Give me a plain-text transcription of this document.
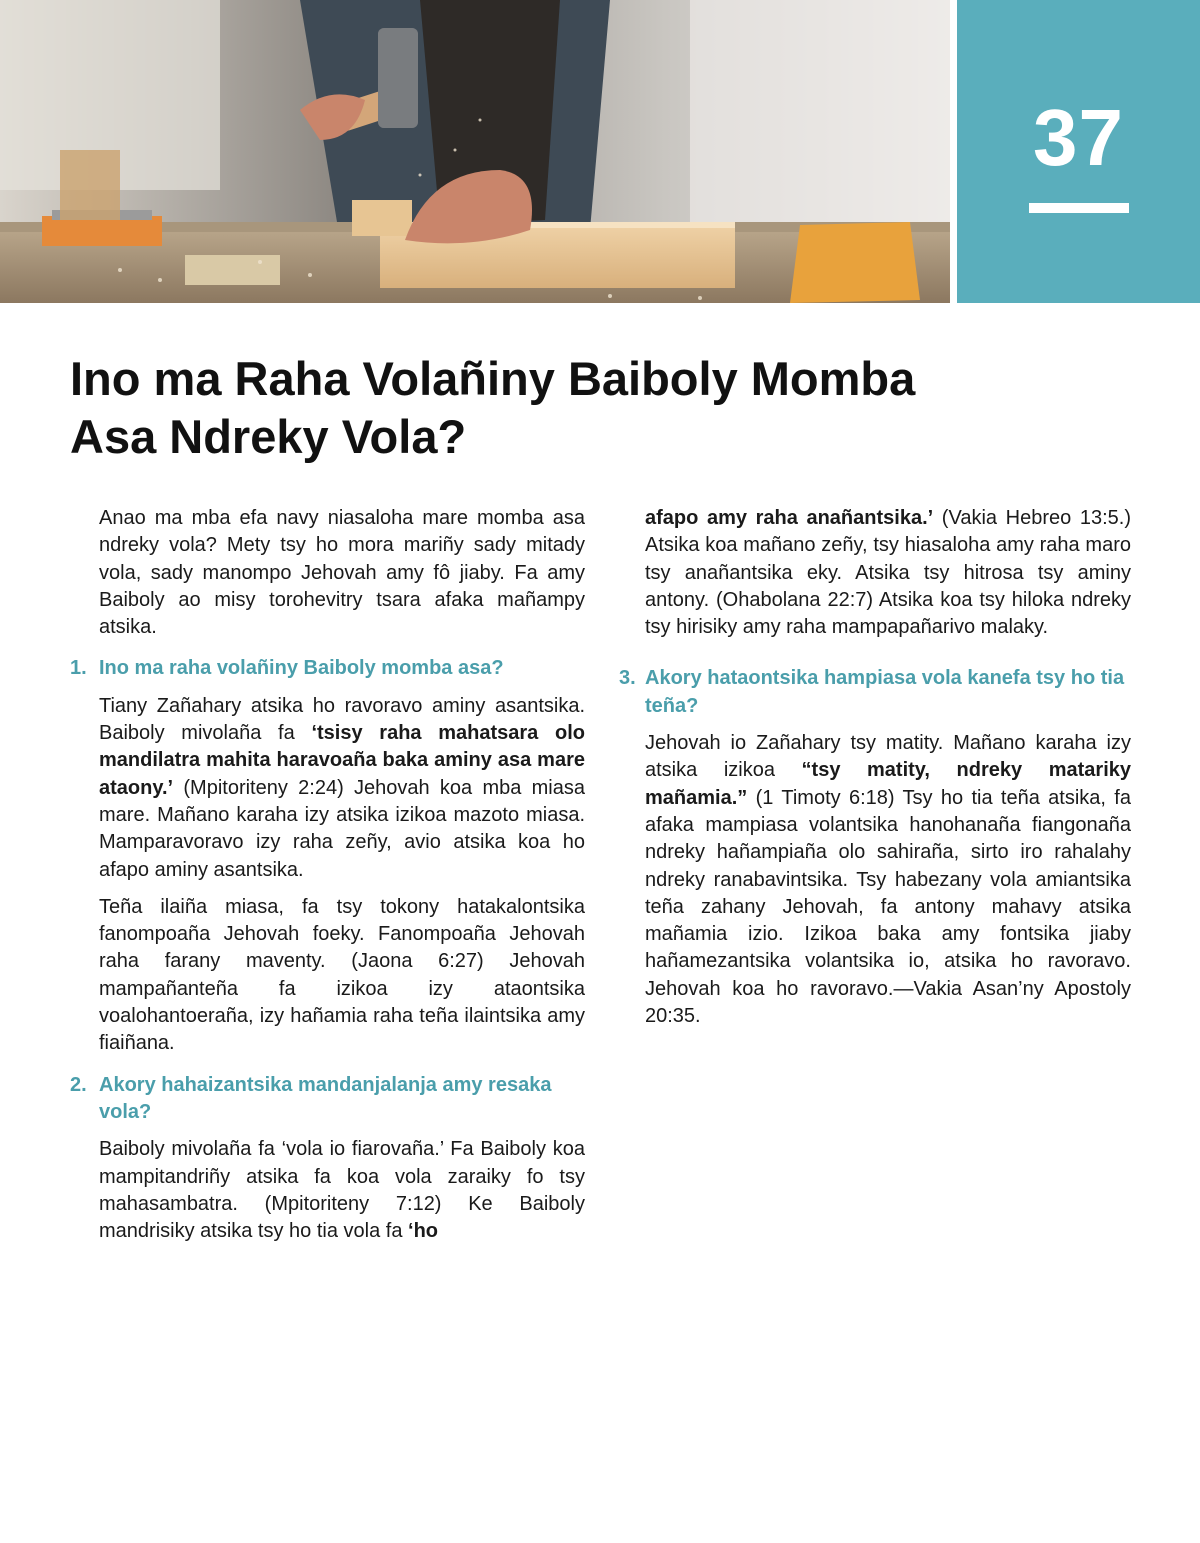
37
Ino ma Raha Volañiny Baiboly Momba Asa Ndreky Vola?

Anao ma mba efa navy niasaloha mare momba asa ndreky vola? Mety tsy ho mora mariñy sady mitady vola, sady manompo Jehovah amy fô jiaby. Fa amy Baiboly ao misy torohevitry tsara afaka mañampy atsika.

1. Ino ma raha volañiny Baiboly momba asa?

Tiany Zañahary atsika ho ravoravo aminy asantsika. Baiboly mivolaña fa ‘tsisy raha mahatsara olo mandilatra mahita haravoaña baka aminy asa mare ataony.’ (Mpitoriteny 2:24) Jehovah koa mba miasa mare. Mañano karaha izy atsika izikoa mazoto miasa. Mamparavoravo izy raha zeñy, avio atsika koa ho afapo aminy asantsika.

Teña ilaiña miasa, fa tsy tokony hatakalontsika fanompoaña Jehovah foeky. Fanompoaña Jehovah raha farany maventy. (Jaona 6:27) Jehovah mampañanteña fa izikoa izy ataontsika voalohantoeraña, izy hañamia raha teña ilaintsika amy fiaiñana.

2. Akory hahaizantsika mandanjalanja amy resaka vola?

Baiboly mivolaña fa ‘vola io fiarovaña.’ Fa Baiboly koa mampitandriñy atsika fa koa vola zaraiky fo tsy mahasambatra. (Mpitoriteny 7:12) Ke Baiboly mandrisiky atsika tsy ho tia vola fa ‘ho

afapo amy raha anañantsika.’ (Vakia Hebreo 13:5.) Atsika koa mañano zeñy, tsy hiasaloha amy raha maro tsy anañantsika eky. Atsika tsy hitrosa tsy aminy antony. (Ohabolana 22:7) Atsika koa tsy hiloka ndreky tsy hirisiky amy raha mampapañarivo malaky.

3. Akory hataontsika hampiasa vola kanefa tsy ho tia teña?

Jehovah io Zañahary tsy matity. Mañano karaha izy atsika izikoa “tsy matity, ndreky matariky mañamia.” (1 Timoty 6:18) Tsy ho tia teña atsika, fa afaka mampiasa volantsika hanohanaña fiangonaña ndreky hañampiaña olo sahiraña, sirto iro rahalahy ndreky ranabavintsika. Tsy habezany vola amiantsika teña zahany Jehovah, fa antony mahavy atsika mañamia izio. Izikoa baka amy fontsika jiaby hañamezantsika volantsika io, atsika ho ravoravo. Jehovah koa ho ravoravo.—Vakia Asan’ny Apostoly 20:35.
